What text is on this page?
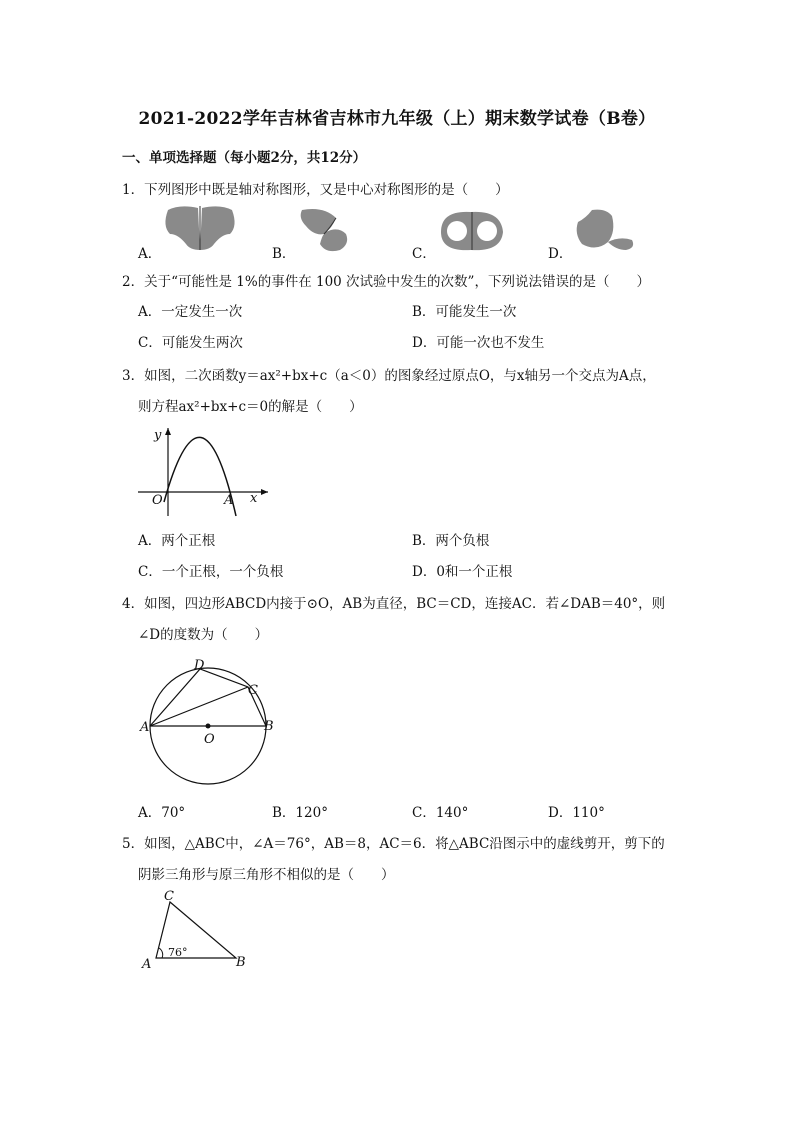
2021-2022学年吉林省吉林市九年级（上）期末数学试卷（B卷）
一、单项选择题（每小题2分，共12分）
1．下列图形中既是轴对称图形，又是中心对称图形的是（　　）
A．	B．	C．	D．
2．关于“可能性是 1%的事件在 100 次试验中发生的次数”，下列说法错误的是（　　）
A．一定发生一次	B．可能发生一次
C．可能发生两次	D．可能一次也不发生
3．如图，二次函数y＝ax²+bx+c（a＜0）的图象经过原点O，与x轴另一个交点为A点，
则方程ax²+bx+c＝0的解是（　　）
y
x
O	A
A．两个正根	B．两个负根
C．一个正根，一个负根	D．0和一个正根
4．如图，四边形ABCD内接于⊙O，AB为直径，BC＝CD，连接AC．若∠DAB＝40°，则
∠D的度数为（　　）
A	B
C
D
O
A．70°	B．120°	C．140°	D．110°
5．如图，△ABC中，∠A＝76°，AB＝8，AC＝6．将△ABC沿图示中的虚线剪开，剪下的
阴影三角形与原三角形不相似的是（　　）
C
A	B
76°
